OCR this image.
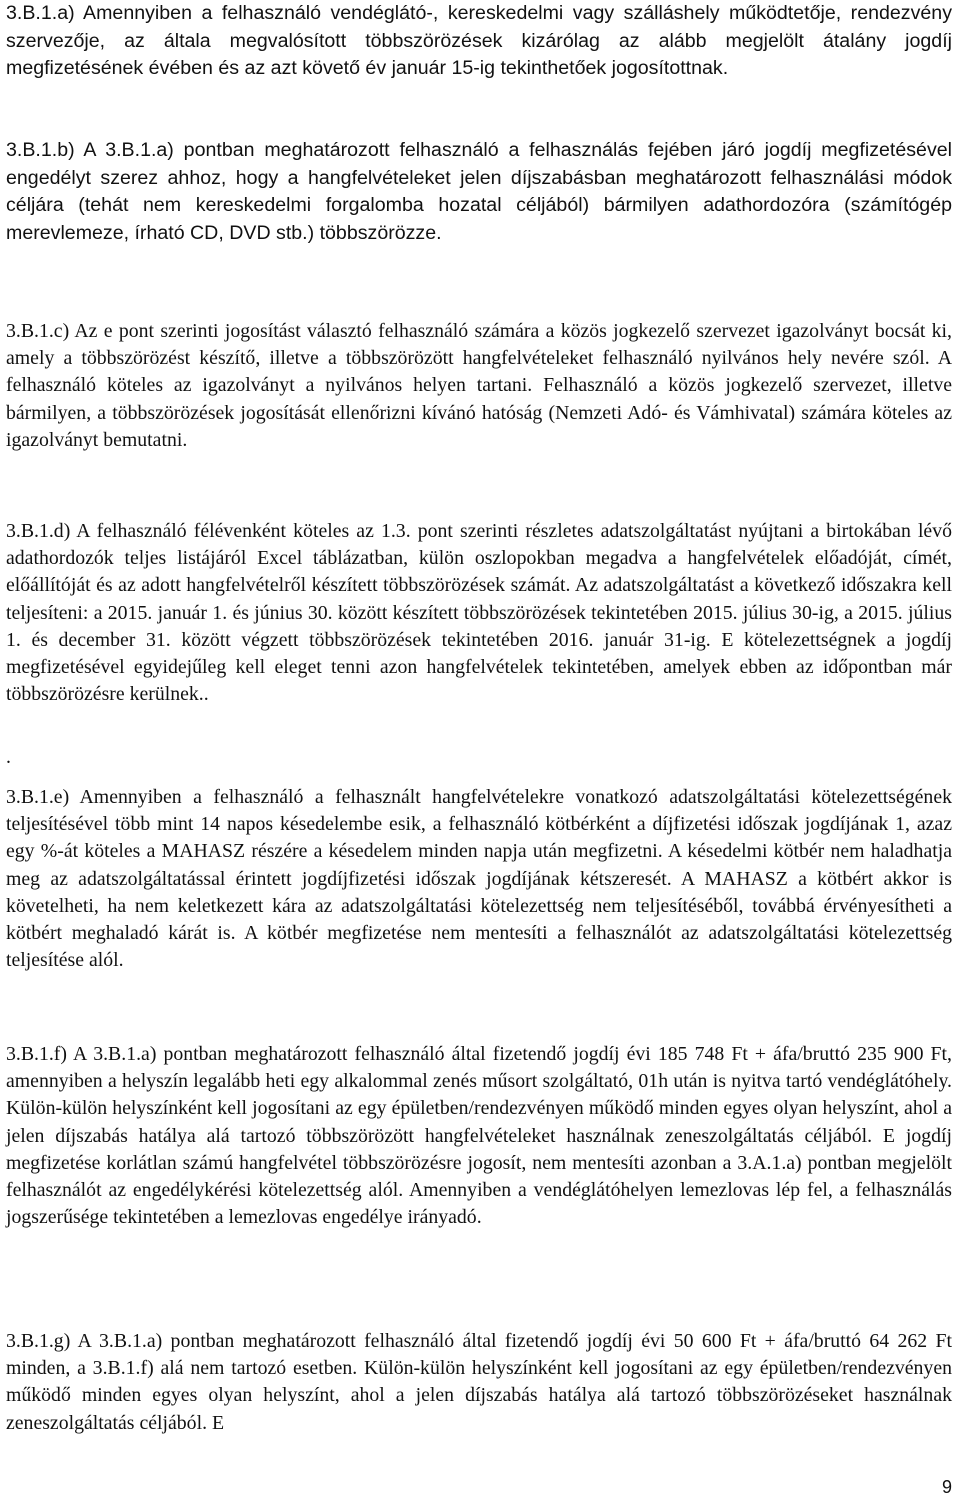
3.B.1.a) Amennyiben a felhasználó vendéglátó-, kereskedelmi vagy szálláshely működtetője, rendezvény szervezője, az általa megvalósított többszörözések kizárólag az alább megjelölt átalány jogdíj megfizetésének évében és az azt követő év január 15-ig tekinthetőek jogosítottnak.

3.B.1.b) A 3.B.1.a) pontban meghatározott felhasználó a felhasználás fejében járó jogdíj megfizetésével engedélyt szerez ahhoz, hogy a hangfelvételeket jelen díjszabásban meghatározott felhasználási módok céljára (tehát nem kereskedelmi forgalomba hozatal céljából) bármilyen adathordozóra (számítógép merevlemeze, írható CD, DVD stb.) többszörözze.

3.B.1.c) Az e pont szerinti jogosítást választó felhasználó számára a közös jogkezelő szervezet igazolványt bocsát ki, amely a többszörözést készítő, illetve a többszörözött hangfelvételeket felhasználó nyilvános hely nevére szól. A felhasználó köteles az igazolványt a nyilvános helyen tartani. Felhasználó a közös jogkezelő szervezet, illetve bármilyen, a többszörözések jogosítását ellenőrizni kívánó hatóság (Nemzeti Adó- és Vámhivatal) számára köteles az igazolványt bemutatni.

3.B.1.d) A felhasználó félévenként köteles az 1.3. pont szerinti részletes adatszolgáltatást nyújtani a birtokában lévő adathordozók teljes listájáról Excel táblázatban, külön oszlopokban megadva a hangfelvételek előadóját, címét, előállítóját és az adott hangfelvételről készített többszörözések számát. Az adatszolgáltatást a következő időszakra kell teljesíteni: a 2015. január 1. és június 30. között készített többszörözések tekintetében 2015. július 30-ig, a 2015. július 1. és december 31. között végzett többszörözések tekintetében 2016. január 31-ig. E kötelezettségnek a jogdíj megfizetésével egyidejűleg kell eleget tenni azon hangfelvételek tekintetében, amelyek ebben az időpontban már többszörözésre kerülnek..

.

3.B.1.e) Amennyiben a felhasználó a felhasznált hangfelvételekre vonatkozó adatszolgáltatási kötelezettségének teljesítésével több mint 14 napos késedelembe esik, a felhasználó kötbérként a díjfizetési időszak jogdíjának 1, azaz egy %-át köteles a MAHASZ részére a késedelem minden napja után megfizetni. A késedelmi kötbér nem haladhatja meg az adatszolgáltatással érintett jogdíjfizetési időszak jogdíjának kétszeresét. A MAHASZ a kötbért akkor is követelheti, ha nem keletkezett kára az adatszolgáltatási kötelezettség nem teljesítéséből, továbbá érvényesítheti a kötbért meghaladó kárát is. A kötbér megfizetése nem mentesíti a felhasználót az adatszolgáltatási kötelezettség teljesítése alól.

3.B.1.f) A 3.B.1.a) pontban meghatározott felhasználó által fizetendő jogdíj évi 185 748 Ft + áfa/bruttó 235 900 Ft, amennyiben a helyszín legalább heti egy alkalommal zenés műsort szolgáltató, 01h után is nyitva tartó vendéglátóhely. Külön-külön helyszínként kell jogosítani az egy épületben/rendezvényen működő minden egyes olyan helyszínt, ahol a jelen díjszabás hatálya alá tartozó többszörözött hangfelvételeket használnak zeneszolgáltatás céljából. E jogdíj megfizetése korlátlan számú hangfelvétel többszörözésre jogosít, nem mentesíti azonban a 3.A.1.a) pontban megjelölt felhasználót az engedélykérési kötelezettség alól. Amennyiben a vendéglátóhelyen lemezlovas lép fel, a felhasználás jogszerűsége tekintetében a lemezlovas engedélye irányadó.

3.B.1.g) A 3.B.1.a) pontban meghatározott felhasználó által fizetendő jogdíj évi 50 600 Ft + áfa/bruttó 64 262 Ft minden, a 3.B.1.f) alá nem tartozó esetben. Külön-külön helyszínként kell jogosítani az egy épületben/rendezvényen működő minden egyes olyan helyszínt, ahol a jelen díjszabás hatálya alá tartozó többszörözéseket használnak zeneszolgáltatás céljából. E

9
